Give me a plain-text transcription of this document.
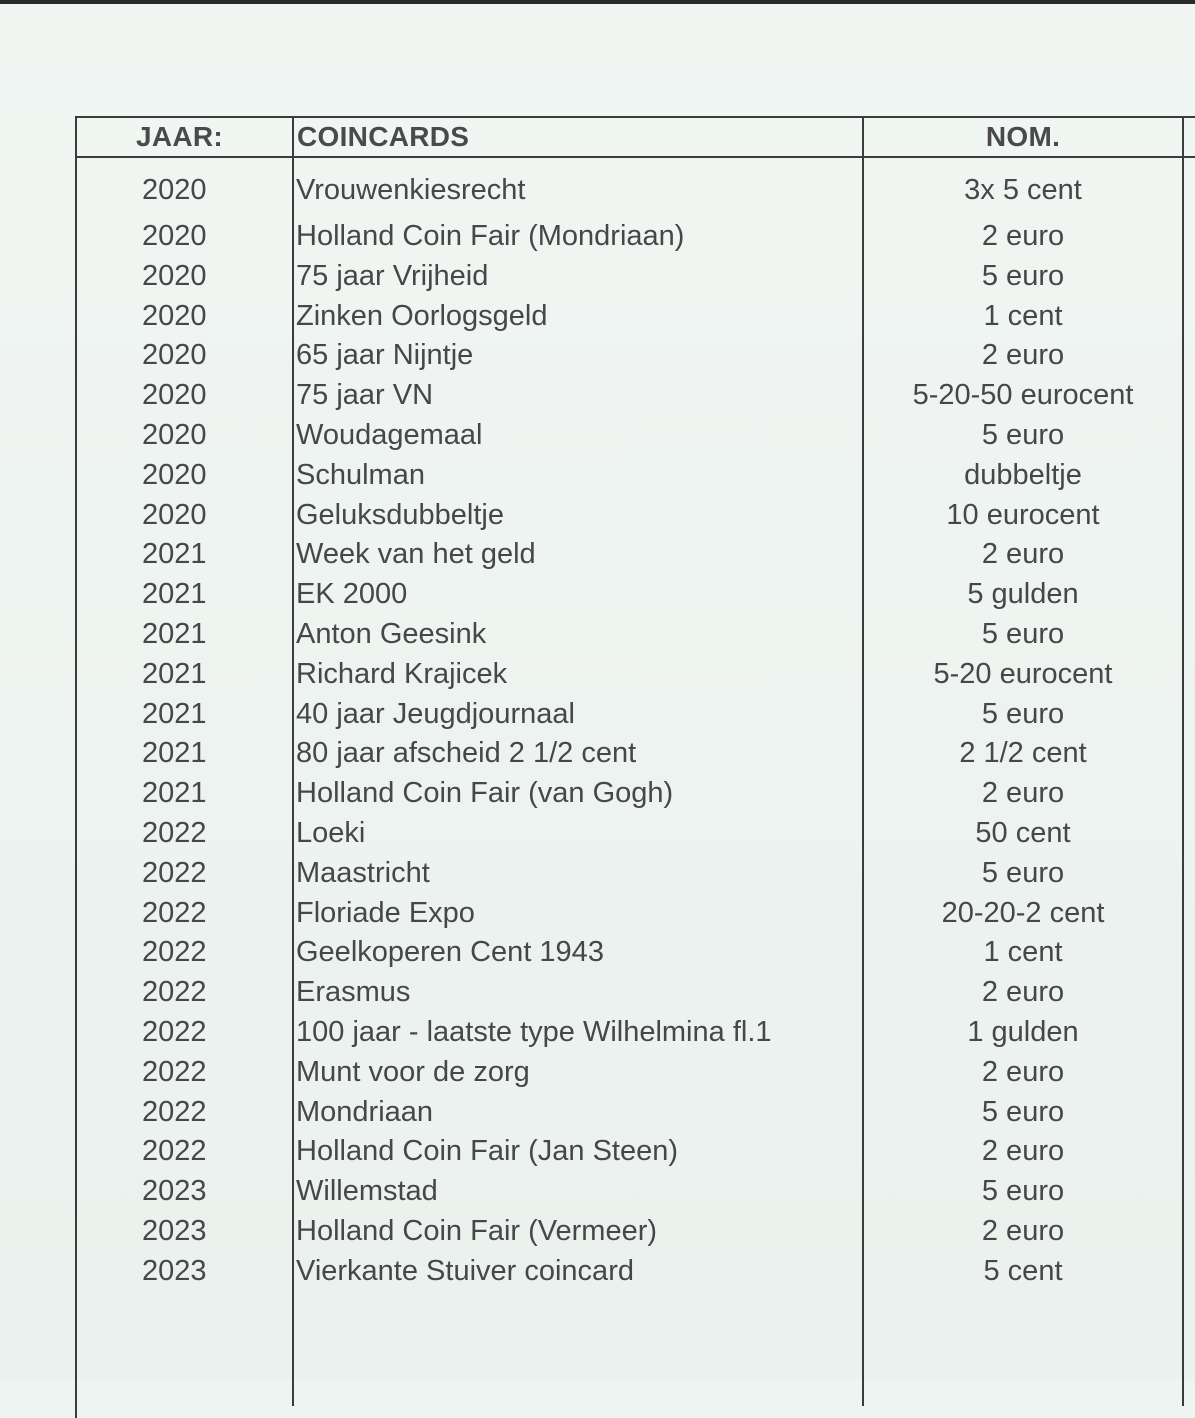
JAAR:	COINCARDS	NOM.
2020	Vrouwenkiesrecht	3x 5 cent
2020	Holland Coin Fair (Mondriaan)	2 euro
2020	75 jaar Vrijheid	5 euro
2020	Zinken Oorlogsgeld	1 cent
2020	65 jaar Nijntje	2 euro
2020	75 jaar VN	5-20-50 eurocent
2020	Woudagemaal	5 euro
2020	Schulman	dubbeltje
2020	Geluksdubbeltje	10 eurocent
2021	Week van het geld	2 euro
2021	EK 2000	5 gulden
2021	Anton Geesink	5 euro
2021	Richard Krajicek	5-20 eurocent
2021	40 jaar Jeugdjournaal	5 euro
2021	80 jaar afscheid 2 1/2 cent	2 1/2 cent
2021	Holland Coin Fair (van Gogh)	2 euro
2022	Loeki	50 cent
2022	Maastricht	5 euro
2022	Floriade Expo	20-20-2 cent
2022	Geelkoperen Cent 1943	1 cent
2022	Erasmus	2 euro
2022	100 jaar - laatste type Wilhelmina fl.1	1 gulden
2022	Munt voor de zorg	2 euro
2022	Mondriaan	5 euro
2022	Holland Coin Fair (Jan Steen)	2 euro
2023	Willemstad	5 euro
2023	Holland Coin Fair (Vermeer)	2 euro
2023	Vierkante Stuiver coincard	5 cent
